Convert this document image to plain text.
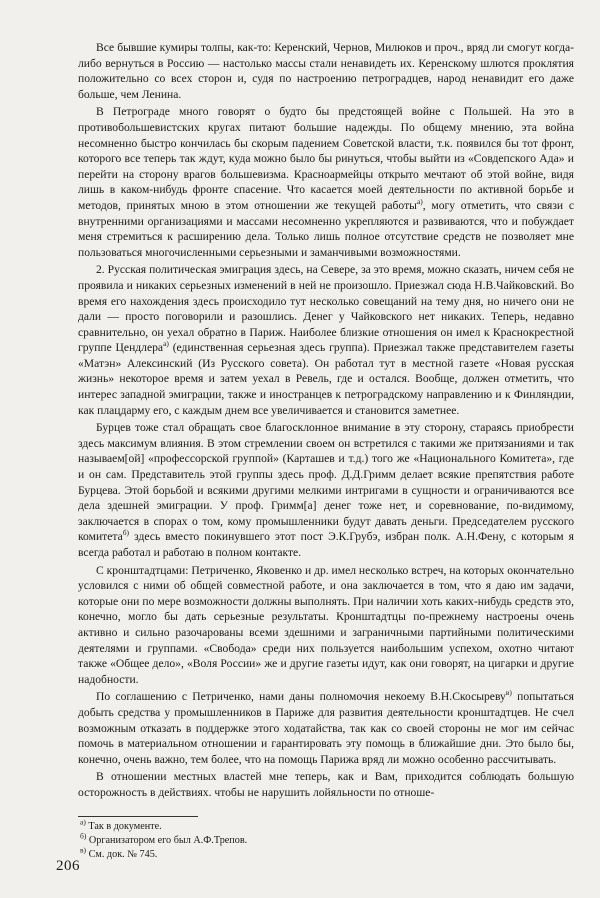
Все бывшие кумиры толпы, как-то: Керенский, Чернов, Милюков и проч., вряд ли смогут когда-либо вернуться в Россию — настолько массы стали ненавидеть их. Керенскому шлются проклятия положительно со всех сторон и, судя по настроению петроградцев, народ ненавидит его даже больше, чем Ленина.

В Петрограде много говорят о будто бы предстоящей войне с Польшей. На это в противобольшевистских кругах питают большие надежды. По общему мнению, эта война несомненно быстро кончилась бы скорым падением Советской власти, т.к. появился бы тот фронт, которого все теперь так ждут, куда можно было бы ринуться, чтобы выйти из «Совдепского Ада» и перейти на сторону врагов большевизма. Красноармейцы открыто мечтают об этой войне, видя лишь в каком-нибудь фронте спасение. Что касается моей деятельности по активной борьбе и методов, принятых мною в этом отношении же текущей работы$^{а)}$, могу отметить, что связи с внутренними организациями и массами несомненно укрепляются и развиваются, что и побуждает меня стремиться к расширению дела. Только лишь полное отсутствие средств не позволяет мне пользоваться многочисленными серьезными и заманчивыми возможностями.

2. Русская политическая эмиграция здесь, на Севере, за это время, можно сказать, ничем себя не проявила и никаких серьезных изменений в ней не произошло. Приезжал сюда Н.В.Чайковский. Во время его нахождения здесь происходило тут несколько совещаний на тему дня, но ничего они не дали — просто поговорили и разошлись. Денег у Чайковского нет никаких. Теперь, недавно сравнительно, он уехал обратно в Париж. Наиболее близкие отношения он имел к Краснокрестной группе Цендлера$^{а)}$ (единственная серьезная здесь группа). Приезжал также представителем газеты «Матэн» Алексинский (Из Русского совета). Он работал тут в местной газете «Новая русская жизнь» некоторое время и затем уехал в Ревель, где и остался. Вообще, должен отметить, что интерес западной эмиграции, также и иностранцев к петроградскому направлению и к Финляндии, как плацдарму его, с каждым днем все увеличивается и становится заметнее.

Бурцев тоже стал обращать свое благосклонное внимание в эту сторону, стараясь приобрести здесь максимум влияния. В этом стремлении своем он встретился с такими же притязаниями и так называем[ой] «профессорской группой» (Карташев и т.д.) того же «Национального Комитета», где и он сам. Представитель этой группы здесь проф. Д.Д.Гримм делает всякие препятствия работе Бурцева. Этой борьбой и всякими другими мелкими интригами в сущности и ограничиваются все дела здешней эмиграции. У проф. Гримм[а] денег тоже нет, и соревнование, по-видимому, заключается в спорах о том, кому промышленники будут давать деньги. Председателем русского комитета$^{б)}$ здесь вместо покинувшего этот пост Э.К.Грубэ, избран полк. А.Н.Фену, с которым я всегда работал и работаю в полном контакте.

С кронштадтцами: Петриченко, Яковенко и др. имел несколько встреч, на которых окончательно условился с ними об общей совместной работе, и она заключается в том, что я даю им задачи, которые они по мере возможности должны выполнять. При наличии хоть каких-нибудь средств это, конечно, могло бы дать серьезные результаты. Кронштадтцы по-прежнему настроены очень активно и сильно разочарованы всеми здешними и заграничными партийными политическими деятелями и группами. «Свобода» среди них пользуется наибольшим успехом, охотно читают также «Общее дело», «Воля России» же и другие газеты идут, как они говорят, на цигарки и другие надобности.

По соглашению с Петриченко, нами даны полномочия некоему В.Н.Скосыреву$^{в)}$ попытаться добыть средства у промышленников в Париже для развития деятельности кронштадтцев. Не счел возможным отказать в поддержке этого ходатайства, так как со своей стороны не мог им сейчас помочь в материальном отношении и гарантировать эту помощь в ближайшие дни. Это было бы, конечно, очень важно, тем более, что на помощь Парижа вряд ли можно особенно рассчитывать.

В отношении местных властей мне теперь, как и Вам, приходится соблюдать большую осторожность в действиях. чтобы не нарушить лойяльности по отноше-

$^{а)}$ Так в документе.
$^{б)}$ Организатором его был А.Ф.Трепов.
$^{в)}$ См. док. № 745.
206
